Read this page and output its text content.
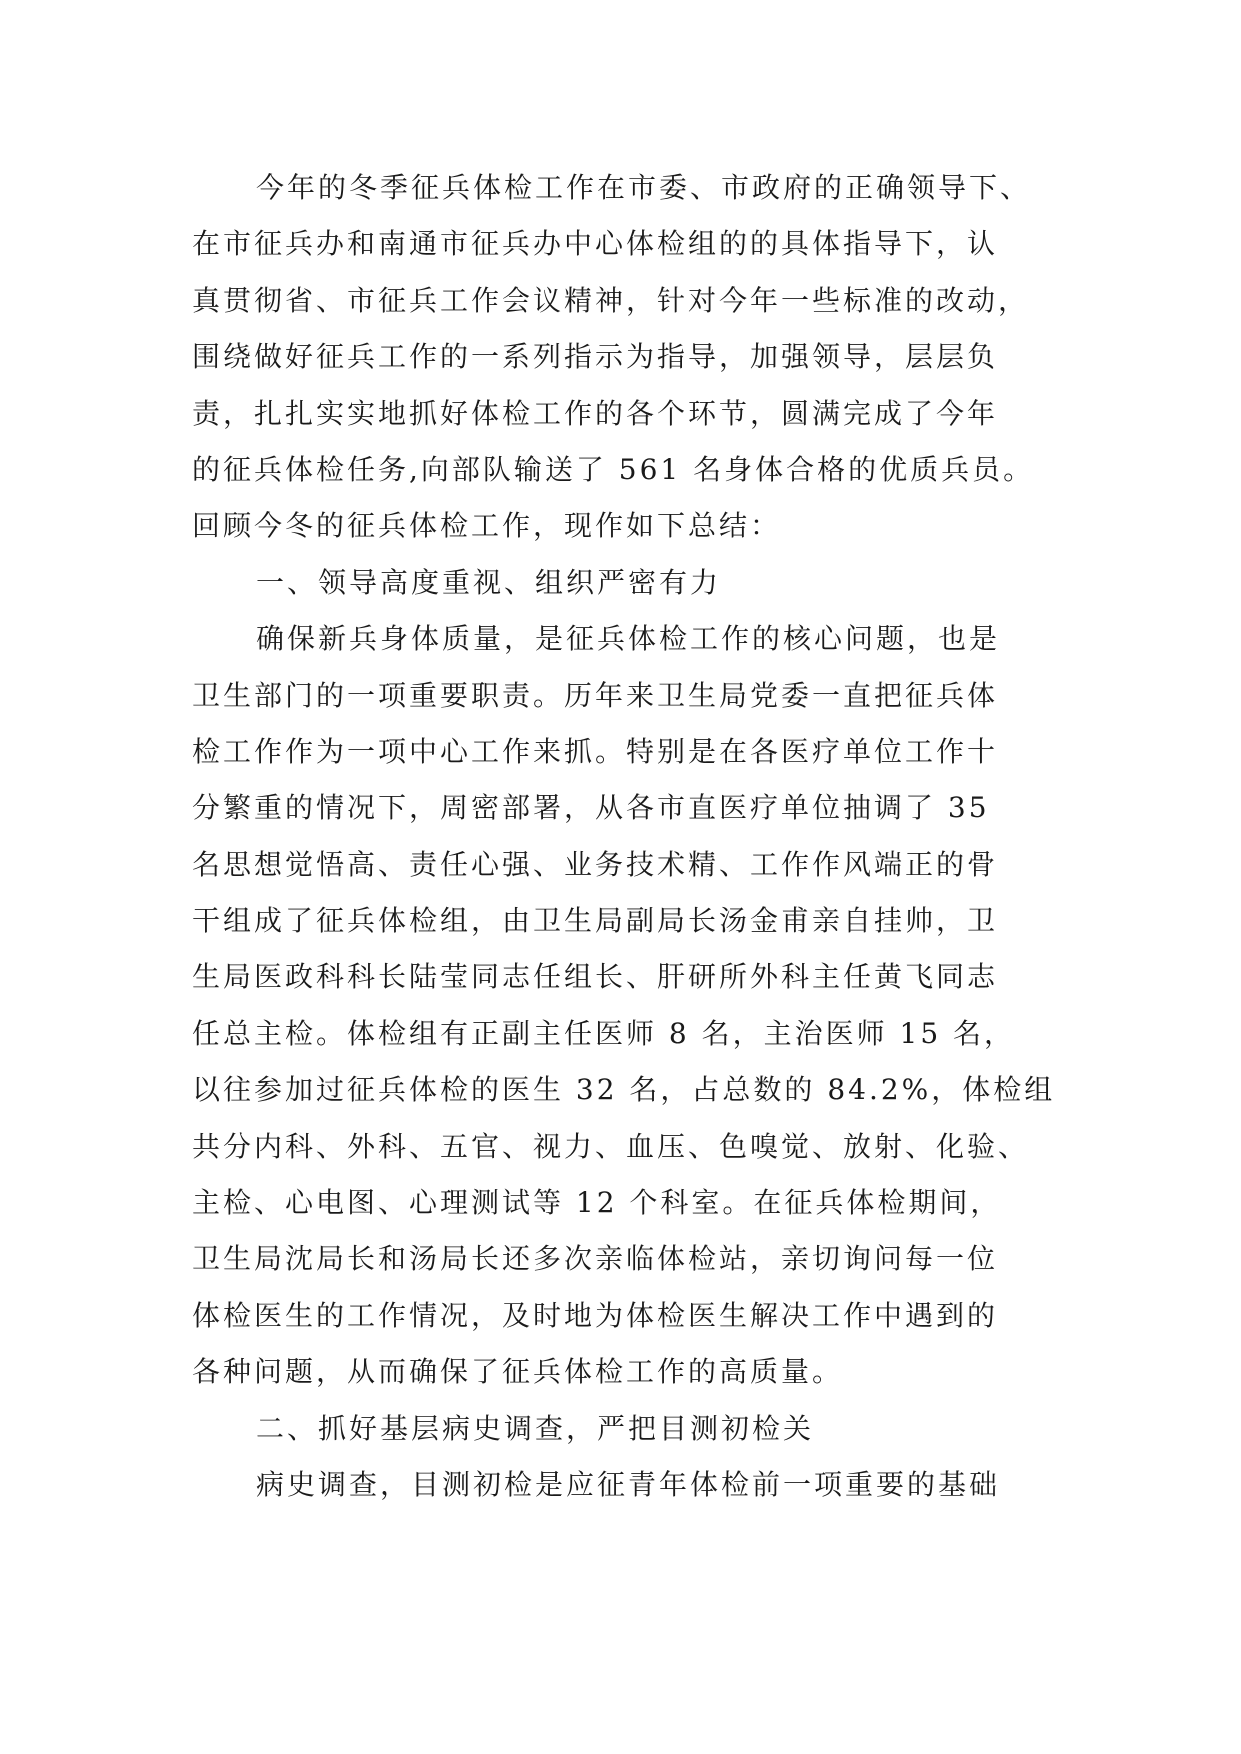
今年的冬季征兵体检工作在市委、市政府的正确领导下、
在市征兵办和南通市征兵办中心体检组的的具体指导下，认
真贯彻省、市征兵工作会议精神，针对今年一些标准的改动，
围绕做好征兵工作的一系列指示为指导，加强领导，层层负
责，扎扎实实地抓好体检工作的各个环节，圆满完成了今年
的征兵体检任务,向部队输送了 561 名身体合格的优质兵员。
回顾今冬的征兵体检工作，现作如下总结：
一、领导高度重视、组织严密有力
确保新兵身体质量，是征兵体检工作的核心问题，也是
卫生部门的一项重要职责。历年来卫生局党委一直把征兵体
检工作作为一项中心工作来抓。特别是在各医疗单位工作十
分繁重的情况下，周密部署，从各市直医疗单位抽调了 35
名思想觉悟高、责任心强、业务技术精、工作作风端正的骨
干组成了征兵体检组，由卫生局副局长汤金甫亲自挂帅，卫
生局医政科科长陆莹同志任组长、肝研所外科主任黄飞同志
任总主检。体检组有正副主任医师 8 名，主治医师 15 名，
以往参加过征兵体检的医生 32 名，占总数的 84.2%，体检组
共分内科、外科、五官、视力、血压、色嗅觉、放射、化验、
主检、心电图、心理测试等 12 个科室。在征兵体检期间，
卫生局沈局长和汤局长还多次亲临体检站，亲切询问每一位
体检医生的工作情况，及时地为体检医生解决工作中遇到的
各种问题，从而确保了征兵体检工作的高质量。
二、抓好基层病史调查，严把目测初检关
病史调查，目测初检是应征青年体检前一项重要的基础
